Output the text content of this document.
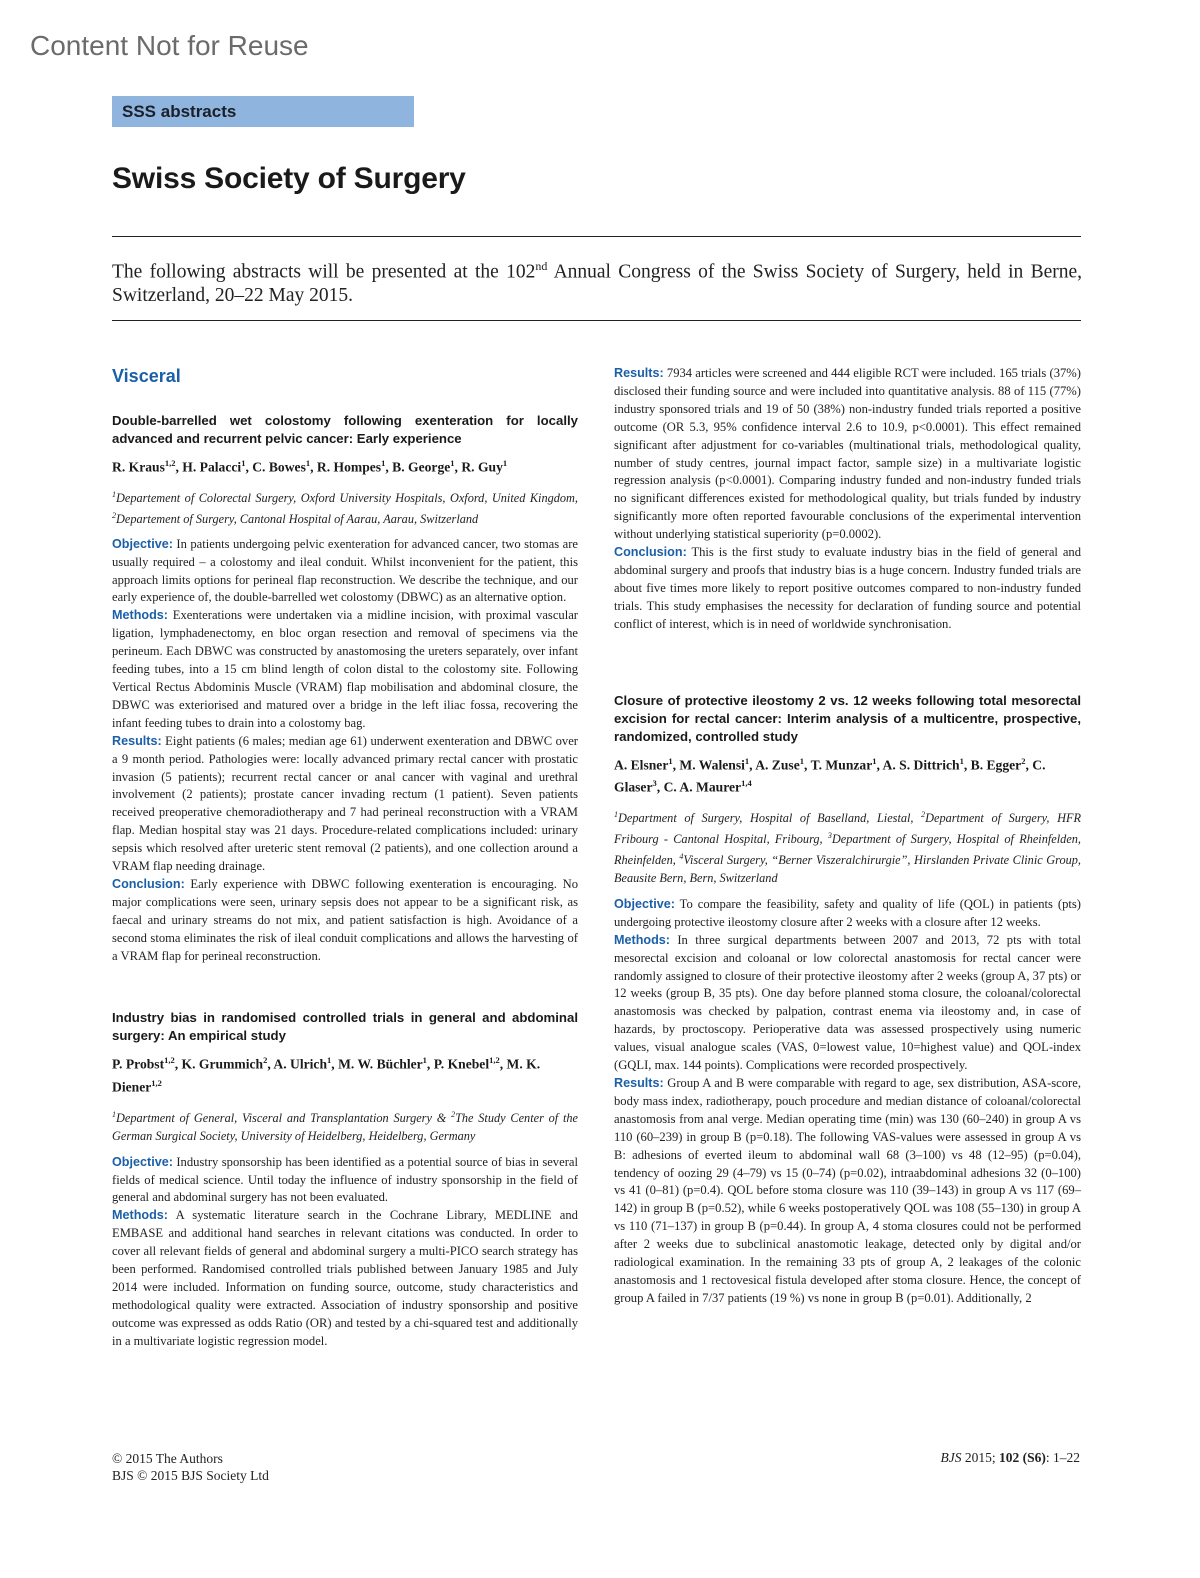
Content Not for Reuse
SSS abstracts
Swiss Society of Surgery
The following abstracts will be presented at the 102nd Annual Congress of the Swiss Society of Surgery, held in Berne, Switzerland, 20–22 May 2015.
Visceral
Double-barrelled wet colostomy following exenteration for locally advanced and recurrent pelvic cancer: Early experience
R. Kraus$^{1,2}$, H. Palacci$^1$, C. Bowes$^1$, R. Hompes$^1$, B. George$^1$, R. Guy$^1$
$^1$Departement of Colorectal Surgery, Oxford University Hospitals, Oxford, United Kingdom, $^2$Departement of Surgery, Cantonal Hospital of Aarau, Aarau, Switzerland
Objective: In patients undergoing pelvic exenteration for advanced cancer, two stomas are usually required – a colostomy and ileal conduit. Whilst inconvenient for the patient, this approach limits options for perineal flap reconstruction. We describe the technique, and our early experience of, the double-barrelled wet colostomy (DBWC) as an alternative option.
Methods: Exenterations were undertaken via a midline incision, with proximal vascular ligation, lymphadenectomy, en bloc organ resection and removal of specimens via the perineum. Each DBWC was constructed by anastomosing the ureters separately, over infant feeding tubes, into a 15 cm blind length of colon distal to the colostomy site. Following Vertical Rectus Abdominis Muscle (VRAM) flap mobilisation and abdominal closure, the DBWC was exteriorised and matured over a bridge in the left iliac fossa, recovering the infant feeding tubes to drain into a colostomy bag.
Results: Eight patients (6 males; median age 61) underwent exenteration and DBWC over a 9 month period. Pathologies were: locally advanced primary rectal cancer with prostatic invasion (5 patients); recurrent rectal cancer or anal cancer with vaginal and urethral involvement (2 patients); prostate cancer invading rectum (1 patient). Seven patients received preoperative chemoradiotherapy and 7 had perineal reconstruction with a VRAM flap. Median hospital stay was 21 days. Procedure-related complications included: urinary sepsis which resolved after ureteric stent removal (2 patients), and one collection around a VRAM flap needing drainage.
Conclusion: Early experience with DBWC following exenteration is encouraging. No major complications were seen, urinary sepsis does not appear to be a significant risk, as faecal and urinary streams do not mix, and patient satisfaction is high. Avoidance of a second stoma eliminates the risk of ileal conduit complications and allows the harvesting of a VRAM flap for perineal reconstruction.
Industry bias in randomised controlled trials in general and abdominal surgery: An empirical study
P. Probst$^{1,2}$, K. Grummich$^2$, A. Ulrich$^1$, M. W. Büchler$^1$, P. Knebel$^{1,2}$, M. K. Diener$^{1,2}$
$^1$Department of General, Visceral and Transplantation Surgery & $^2$The Study Center of the German Surgical Society, University of Heidelberg, Heidelberg, Germany
Objective: Industry sponsorship has been identified as a potential source of bias in several fields of medical science. Until today the influence of industry sponsorship in the field of general and abdominal surgery has not been evaluated.
Methods: A systematic literature search in the Cochrane Library, MEDLINE and EMBASE and additional hand searches in relevant citations was conducted. In order to cover all relevant fields of general and abdominal surgery a multi-PICO search strategy has been performed. Randomised controlled trials published between January 1985 and July 2014 were included. Information on funding source, outcome, study characteristics and methodological quality were extracted. Association of industry sponsorship and positive outcome was expressed as odds Ratio (OR) and tested by a chi-squared test and additionally in a multivariate logistic regression model.
Results: 7934 articles were screened and 444 eligible RCT were included. 165 trials (37%) disclosed their funding source and were included into quantitative analysis. 88 of 115 (77%) industry sponsored trials and 19 of 50 (38%) non-industry funded trials reported a positive outcome (OR 5.3, 95% confidence interval 2.6 to 10.9, p<0.0001). This effect remained significant after adjustment for co-variables (multinational trials, methodological quality, number of study centres, journal impact factor, sample size) in a multivariate logistic regression analysis (p<0.0001). Comparing industry funded and non-industry funded trials no significant differences existed for methodological quality, but trials funded by industry significantly more often reported favourable conclusions of the experimental intervention without underlying statistical superiority (p=0.0002).
Conclusion: This is the first study to evaluate industry bias in the field of general and abdominal surgery and proofs that industry bias is a huge concern. Industry funded trials are about five times more likely to report positive outcomes compared to non-industry funded trials. This study emphasises the necessity for declaration of funding source and potential conflict of interest, which is in need of worldwide synchronisation.
Closure of protective ileostomy 2 vs. 12 weeks following total mesorectal excision for rectal cancer: Interim analysis of a multicentre, prospective, randomized, controlled study
A. Elsner$^1$, M. Walensi$^1$, A. Zuse$^1$, T. Munzar$^1$, A. S. Dittrich$^1$, B. Egger$^2$, C. Glaser$^3$, C. A. Maurer$^{1,4}$
$^1$Department of Surgery, Hospital of Baselland, Liestal, $^2$Department of Surgery, HFR Fribourg - Cantonal Hospital, Fribourg, $^3$Department of Surgery, Hospital of Rheinfelden, Rheinfelden, $^4$Visceral Surgery, “Berner Viszeralchirurgie”, Hirslanden Private Clinic Group, Beausite Bern, Bern, Switzerland
Objective: To compare the feasibility, safety and quality of life (QOL) in patients (pts) undergoing protective ileostomy closure after 2 weeks with a closure after 12 weeks.
Methods: In three surgical departments between 2007 and 2013, 72 pts with total mesorectal excision and coloanal or low colorectal anastomosis for rectal cancer were randomly assigned to closure of their protective ileostomy after 2 weeks (group A, 37 pts) or 12 weeks (group B, 35 pts). One day before planned stoma closure, the coloanal/colorectal anastomosis was checked by palpation, contrast enema via ileostomy and, in case of hazards, by proctoscopy. Perioperative data was assessed prospectively using numeric values, visual analogue scales (VAS, 0=lowest value, 10=highest value) and QOL-index (GQLI, max. 144 points). Complications were recorded prospectively.
Results: Group A and B were comparable with regard to age, sex distribution, ASA-score, body mass index, radiotherapy, pouch procedure and median distance of coloanal/colorectal anastomosis from anal verge. Median operating time (min) was 130 (60–240) in group A vs 110 (60–239) in group B (p=0.18). The following VAS-values were assessed in group A vs B: adhesions of everted ileum to abdominal wall 68 (3–100) vs 48 (12–95) (p=0.04), tendency of oozing 29 (4–79) vs 15 (0–74) (p=0.02), intraabdominal adhesions 32 (0–100) vs 41 (0–81) (p=0.4). QOL before stoma closure was 110 (39–143) in group A vs 117 (69–142) in group B (p=0.52), while 6 weeks postoperatively QOL was 108 (55–130) in group A vs 110 (71–137) in group B (p=0.44). In group A, 4 stoma closures could not be performed after 2 weeks due to subclinical anastomotic leakage, detected only by digital and/or radiological examination. In the remaining 33 pts of group A, 2 leakages of the colonic anastomosis and 1 rectovesical fistula developed after stoma closure. Hence, the concept of group A failed in 7/37 patients (19 %) vs none in group B (p=0.01). Additionally, 2
© 2015 The Authors
BJS © 2015 BJS Society Ltd
BJS 2015; 102 (S6): 1–22
